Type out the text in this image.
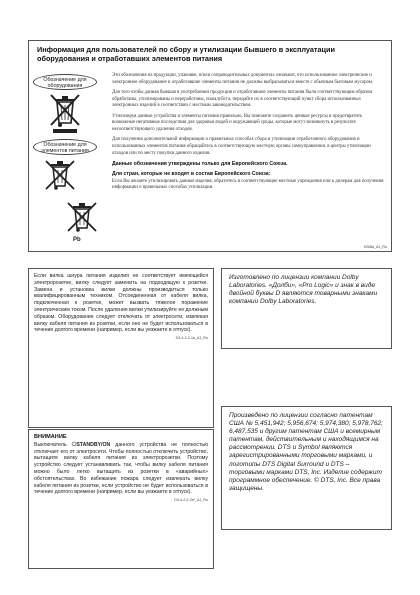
Информация для пользователей по сбору и утилизации бывшего в эксплуатации оборудования и отработавших элементов питания
Обозначение для оборудования
Обозначение для элементов питания
Pb
Эти обозначения на продукции, упаковке, и/или сопроводительных документах означают, что использованное электрическое и электронное оборудование и отработавшие элементы питания не должны выбрасываться вместе с обычным бытовым мусором.
Для того чтобы данная бывшая в употреблении продукция и отработавшие элементы питания были соответствующим образом обработаны, утилизированы и переработаны, пожалуйста, передайте их в соответствующий пункт сбора использованных электронных изделий в соответствии с местным законодательством.
Утилизируя данные устройства и элементы питания правильно, Вы поможете сохранить ценные ресурсы и предотвратить возможные негативные последствия для здоровья людей и окружающей среды, которые могут возникнуть в результате несоответствующего удаления отходов.
Для получения дополнительной информации о правильных способах сбора и утилизации отработанного оборудования и использованных элементов питания обращайтесь в соответствующую местную органы самоуправления, в центры утилизации отходов или по месту покупки данного изделия.
Данные обозначения утверждены только для Европейского Союза.
Для стран, которые не входят в состав Европейского Союза:
Если Вы желаете утилизировать данные изделия, обратитесь в соответствующие местные учреждения или к дилерам для получения информации о правильных способах утилизации.
K058a_A1_Ru
Если вилка шнура питания изделия не соответствует имеющейся электророзетке, вилку следует заменить на подходящую к розетке. Замена и установка вилки должны производиться только квалифицированным техником. Отсоединенная от кабеля вилка, подключенная к розетке, может вызвать тяжелое поражение электрическим током. После удаления вилки утилизируйте ее должным образом. Оборудование следует отключать от электросети, извлекая вилку кабеля питания из розетки, если оно не будет использоваться в течение долгого времени (например, если вы уезжаете в отпуск).
D3-4-2-2-1a_A1_Ru
ВНИМАНИЕ
Выключатель ⏻STANDBY/ON данного устройства не полностью отключает его от электросети. Чтобы полностью отключить устройство, вытащите вилку кабеля питания из электророзетки. Поэтому устройство следует устанавливать так, чтобы вилку кабеля питания можно было легко вытащить из розетки в «аварийных» обстоятельствах. Во избежание пожара следует извлекать вилку кабеля питания из розетки, если устройство не будет использоваться в течение долгого времени (например, если вы уезжаете в отпуск).
D3-4-2-2-2a*_A1_Ru
Изготовлено по лицензии компании Dolby Laboratories. «Долби», «Pro Logic» и знак в виде двойной буквы D являются товарными знаками компании Dolby Laboratories.
Произведено по лицензии согласно патентам США № 5,451,942; 5,956,674; 5,974,380; 5,978,762; 6,487,535 и другим патентам США и всемирным патентам, действительным и находящимся на рассмотрении. DTS и Symbol являются зарегистрированными торговыми марками, и логотипы DTS Digital Surround и DTS – торговыми марками DTS, Inc. Изделие содержит программное обеспечение. © DTS, Inc. Все права защищены.
